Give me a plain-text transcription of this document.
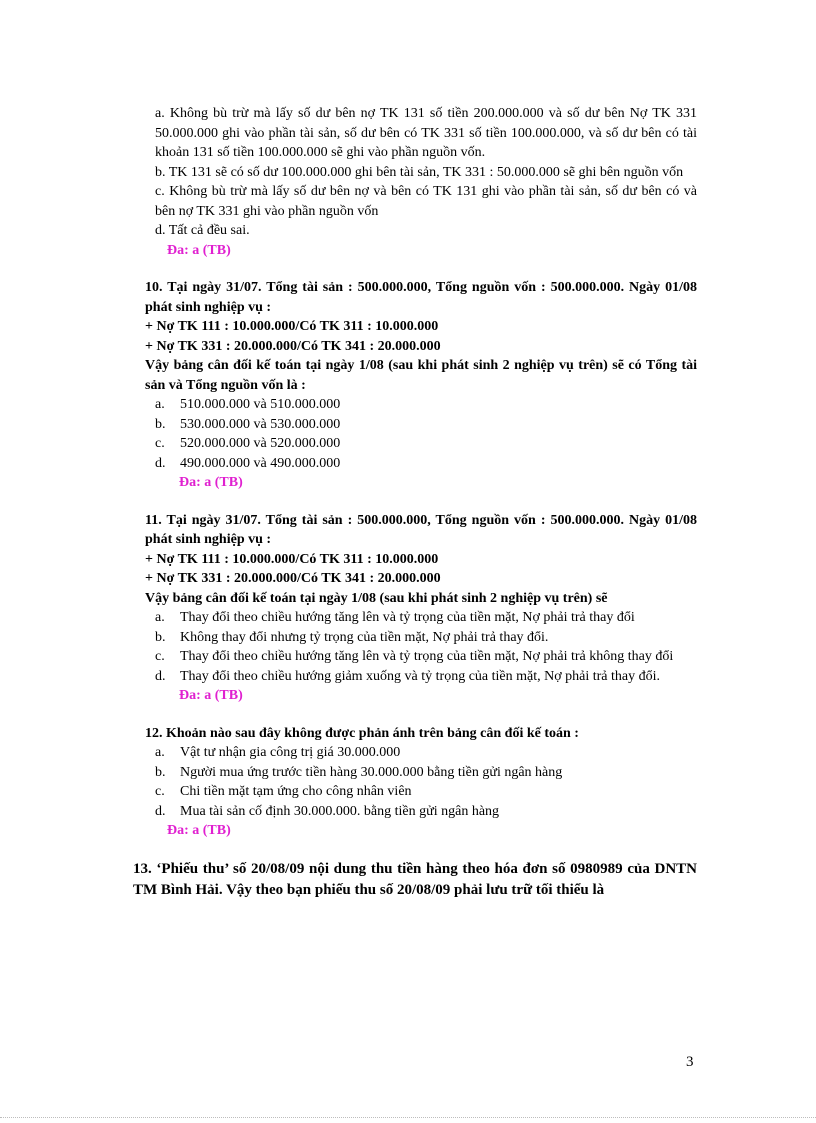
a. Không bù trừ mà lấy số dư bên nợ TK 131 số tiền 200.000.000 và số dư bên Nợ TK 331 50.000.000 ghi vào phần tài sản, số dư bên có TK 331 số tiền 100.000.000, và số dư bên có tài khoản 131 số tiền 100.000.000 sẽ ghi vào phần nguồn vốn.
b. TK 131 sẽ có số dư 100.000.000 ghi bên tài sản, TK 331 : 50.000.000 sẽ ghi bên nguồn vốn
c. Không bù trừ mà lấy số dư bên nợ và bên có TK 131 ghi vào phần tài sản, số dư bên có và bên nợ TK 331 ghi vào phần nguồn vốn
d. Tất cả đều sai.
Đa: a (TB)
10. Tại ngày 31/07. Tổng tài sản : 500.000.000, Tổng nguồn vốn : 500.000.000. Ngày 01/08 phát sinh nghiệp vụ :
+ Nợ TK 111 : 10.000.000/Có TK 311 : 10.000.000
+ Nợ TK 331 : 20.000.000/Có TK 341 : 20.000.000
Vậy bảng cân đối kế toán tại ngày 1/08 (sau khi phát sinh 2 nghiệp vụ trên) sẽ có Tổng tài sản và Tổng nguồn vốn là :
a. 510.000.000 và 510.000.000
b. 530.000.000 và 530.000.000
c. 520.000.000 và 520.000.000
d. 490.000.000 và 490.000.000
Đa: a (TB)
11. Tại ngày 31/07. Tổng tài sản : 500.000.000, Tổng nguồn vốn : 500.000.000. Ngày 01/08 phát sinh nghiệp vụ :
+ Nợ TK 111 : 10.000.000/Có TK 311 : 10.000.000
+ Nợ TK 331 : 20.000.000/Có TK 341 : 20.000.000
Vậy bảng cân đối kế toán tại ngày 1/08 (sau khi phát sinh 2 nghiệp vụ trên) sẽ
a. Thay đổi theo chiều hướng tăng lên và tỷ trọng của tiền mặt, Nợ phải trả thay đổi
b. Không thay đổi nhưng tỷ trọng của tiền mặt, Nợ phải trả thay đổi.
c. Thay đổi theo chiều hướng tăng lên và tỷ trọng của tiền mặt, Nợ phải trả không thay đổi
d. Thay đổi theo chiều hướng giảm xuống và tỷ trọng của tiền mặt, Nợ phải trả thay đổi.
Đa: a (TB)
12. Khoản nào sau đây không được phản ánh trên bảng cân đối kế toán :
a. Vật tư nhận gia công trị giá 30.000.000
b. Người mua ứng trước tiền hàng 30.000.000 bằng tiền gửi ngân hàng
c. Chi tiền mặt tạm ứng cho công nhân viên
d. Mua tài sản cố định 30.000.000. bằng tiền gửi ngân hàng
Đa: a (TB)
13. ‘Phiếu thu’ số 20/08/09 nội dung thu tiền hàng theo hóa đơn số 0980989 của DNTN TM Bình Hải. Vậy theo bạn phiếu thu số 20/08/09 phải lưu trữ tối thiểu là
3
